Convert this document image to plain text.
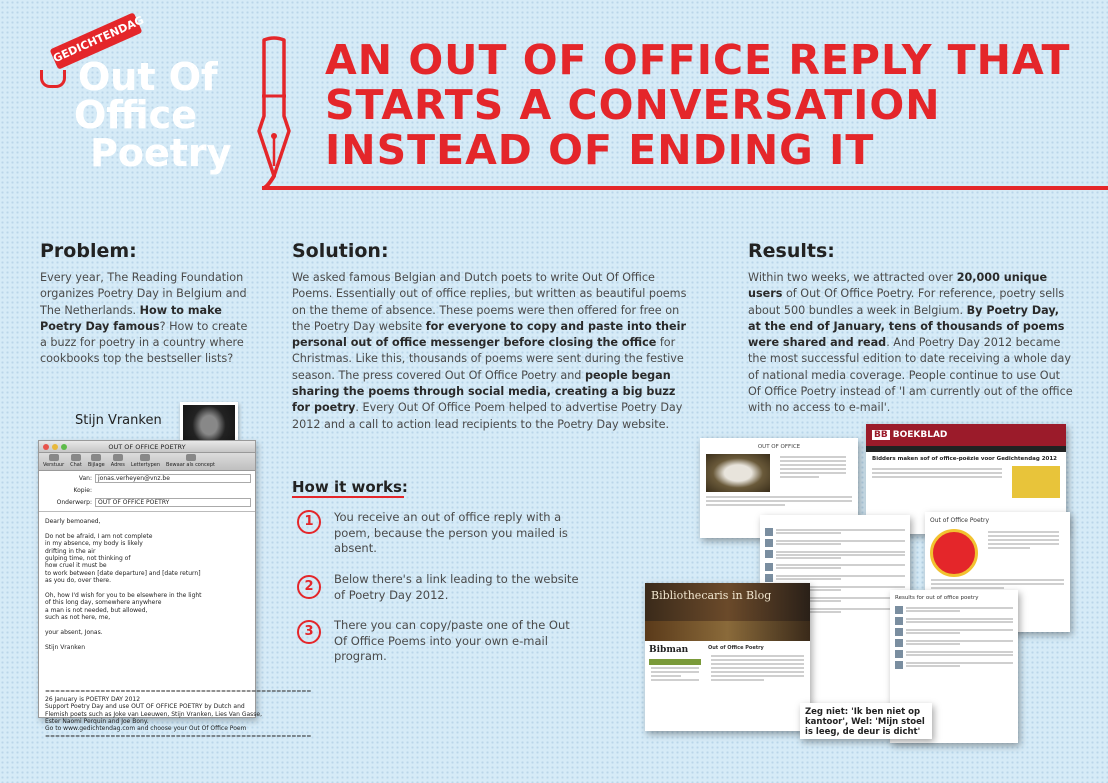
GEDICHTENDAG
Out Of
Office
Poetry
AN OUT OF OFFICE REPLY THAT
STARTS A CONVERSATION
INSTEAD OF ENDING IT
Problem:

Every year, The Reading Foundation organizes Poetry Day in Belgium and The Netherlands. How to make Poetry Day famous? How to create a buzz for poetry in a country where cookbooks top the bestseller lists?

Solution:

We asked famous Belgian and Dutch poets to write Out Of Office Poems. Essentially out of office replies, but written as beautiful poems on the theme of absence. These poems were then offered for free on the Poetry Day website for everyone to copy and paste into their personal out of office messenger before closing the office for Christmas. Like this, thousands of poems were sent during the festive season. The press covered Out Of Office Poetry and people began sharing the poems through social media, creating a big buzz for poetry. Every Out Of Office Poem helped to advertise Poetry Day 2012 and a call to action lead recipients to the Poetry Day website.

Results:

Within two weeks, we attracted over 20,000 unique users of Out Of Office Poetry. For reference, poetry sells about 500 bundles a week in Belgium. By Poetry Day, at the end of January, tens of thousands of poems were shared and read. And Poetry Day 2012 became the most successful edition to date receiving a whole day of national media coverage. People continue to use Out Of Office Poetry instead of 'I am currently out of the office with no access to e-mail'.

Stijn Vranken
OUT OF OFFICE POETRY
Verstuur Chat Bijlage Adres Lettertypen Bewaar als concept
Van:	jonas.verheyen@vnz.be
Kopie:
Onderwerp:	OUT OF OFFICE POETRY
Dearly bemoaned,

Do not be afraid, I am not complete
in my absence, my body is likely
drifting in the air
gulping time, not thinking of
how cruel it must be
to work between [date departure] and [date return]
as you do, over there.

Oh, how I'd wish for you to be elsewhere in the light
of this long day, somewhere anywhere
a man is not needed, but allowed,
such as not here, me,

your absent, Jonas.

Stijn Vranken

=====================================================
26 January is POETRY DAY 2012
Support Poetry Day and use OUT OF OFFICE POETRY by Dutch and
Flemish poets such as Joke van Leeuwen, Stijn Vranken, Lies Van Gasse,
Ester Naomi Perquin and Joe Bony.
Go to www.gedichtendag.com and choose your Out Of Office Poem
=====================================================
How it works:
1	You receive an out of office reply with a poem, because the person you mailed is absent.
2	Below there's a link leading to the website of Poetry Day 2012.
3	There you can copy/paste one of the Out Of Office Poems into your own e-mail program.
OUT OF OFFICE
BB BOEKBLAD
Bidders maken sof of office-poëzie voor Gedichtendag 2012
Out of Office Poetry
Bibliothecaris in Blog
Bibman	Out of Office Poetry
Results for out of office poetry
Zeg niet: 'Ik ben niet op kantoor', Wel: 'Mijn stoel is leeg, de deur is dicht'
